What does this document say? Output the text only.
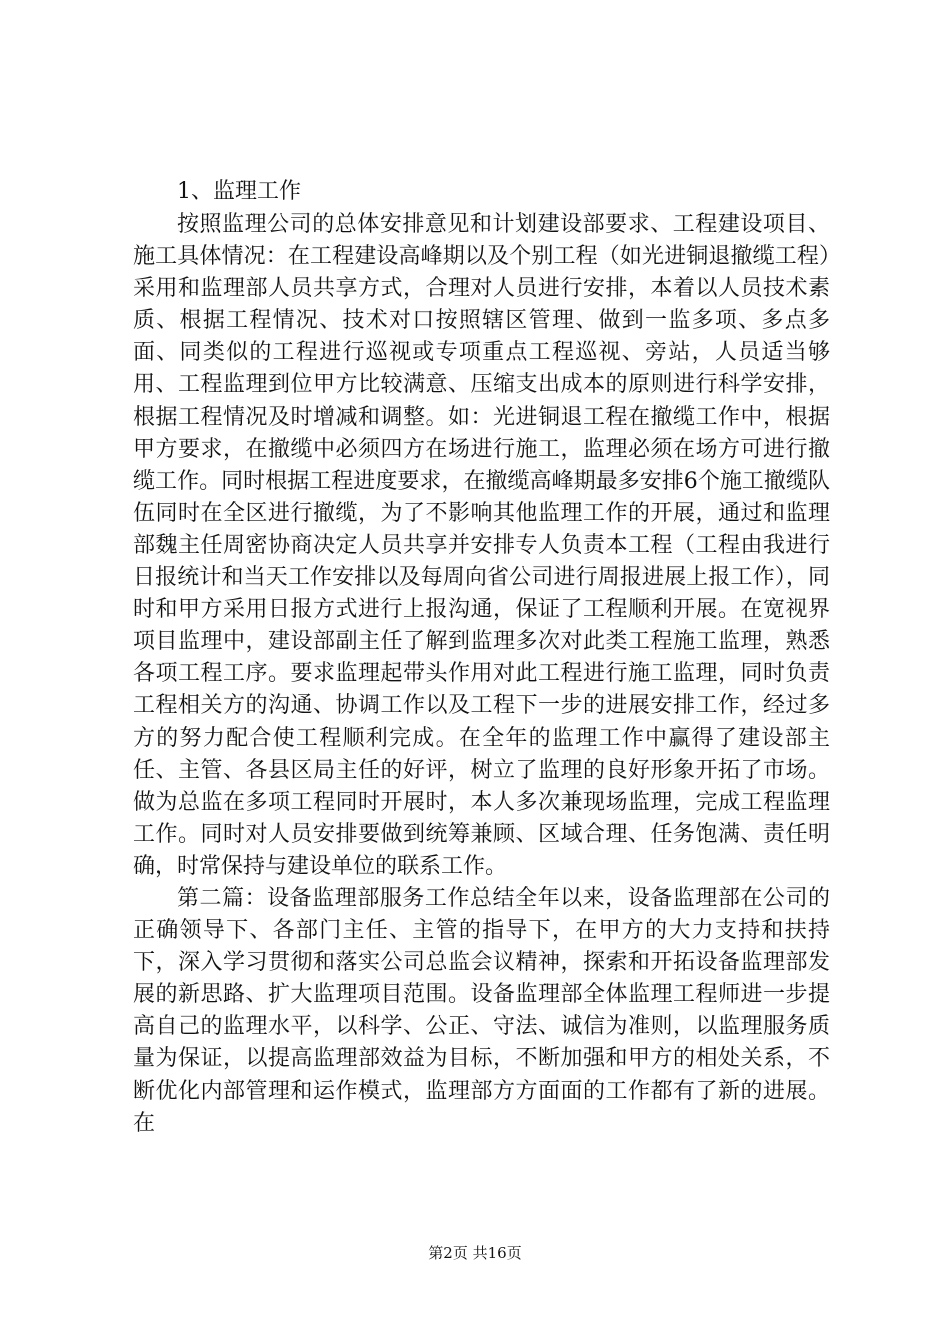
1、监理工作

按照监理公司的总体安排意见和计划建设部要求、工程建设项目、施工具体情况：在工程建设高峰期以及个别工程（如光进铜退撤缆工程）采用和监理部人员共享方式，合理对人员进行安排，本着以人员技术素质、根据工程情况、技术对口按照辖区管理、做到一监多项、多点多面、同类似的工程进行巡视或专项重点工程巡视、旁站，人员适当够用、工程监理到位甲方比较满意、压缩支出成本的原则进行科学安排，根据工程情况及时增减和调整。如：光进铜退工程在撤缆工作中，根据甲方要求，在撤缆中必须四方在场进行施工，监理必须在场方可进行撤缆工作。同时根据工程进度要求，在撤缆高峰期最多安排6个施工撤缆队伍同时在全区进行撤缆，为了不影响其他监理工作的开展，通过和监理部魏主任周密协商决定人员共享并安排专人负责本工程（工程由我进行日报统计和当天工作安排以及每周向省公司进行周报进展上报工作），同时和甲方采用日报方式进行上报沟通，保证了工程顺利开展。在宽视界项目监理中，建设部副主任了解到监理多次对此类工程施工监理，熟悉各项工程工序。要求监理起带头作用对此工程进行施工监理，同时负责工程相关方的沟通、协调工作以及工程下一步的进展安排工作，经过多方的努力配合使工程顺利完成。在全年的监理工作中赢得了建设部主任、主管、各县区局主任的好评，树立了监理的良好形象开拓了市场。做为总监在多项工程同时开展时，本人多次兼现场监理，完成工程监理工作。同时对人员安排要做到统筹兼顾、区域合理、任务饱满、责任明确，时常保持与建设单位的联系工作。

第二篇：设备监理部服务工作总结全年以来，设备监理部在公司的正确领导下、各部门主任、主管的指导下，在甲方的大力支持和扶持下，深入学习贯彻和落实公司总监会议精神，探索和开拓设备监理部发展的新思路、扩大监理项目范围。设备监理部全体监理工程师进一步提高自己的监理水平，以科学、公正、守法、诚信为准则，以监理服务质量为保证，以提高监理部效益为目标，不断加强和甲方的相处关系，不断优化内部管理和运作模式，监理部方方面面的工作都有了新的进展。在

第2页 共16页
